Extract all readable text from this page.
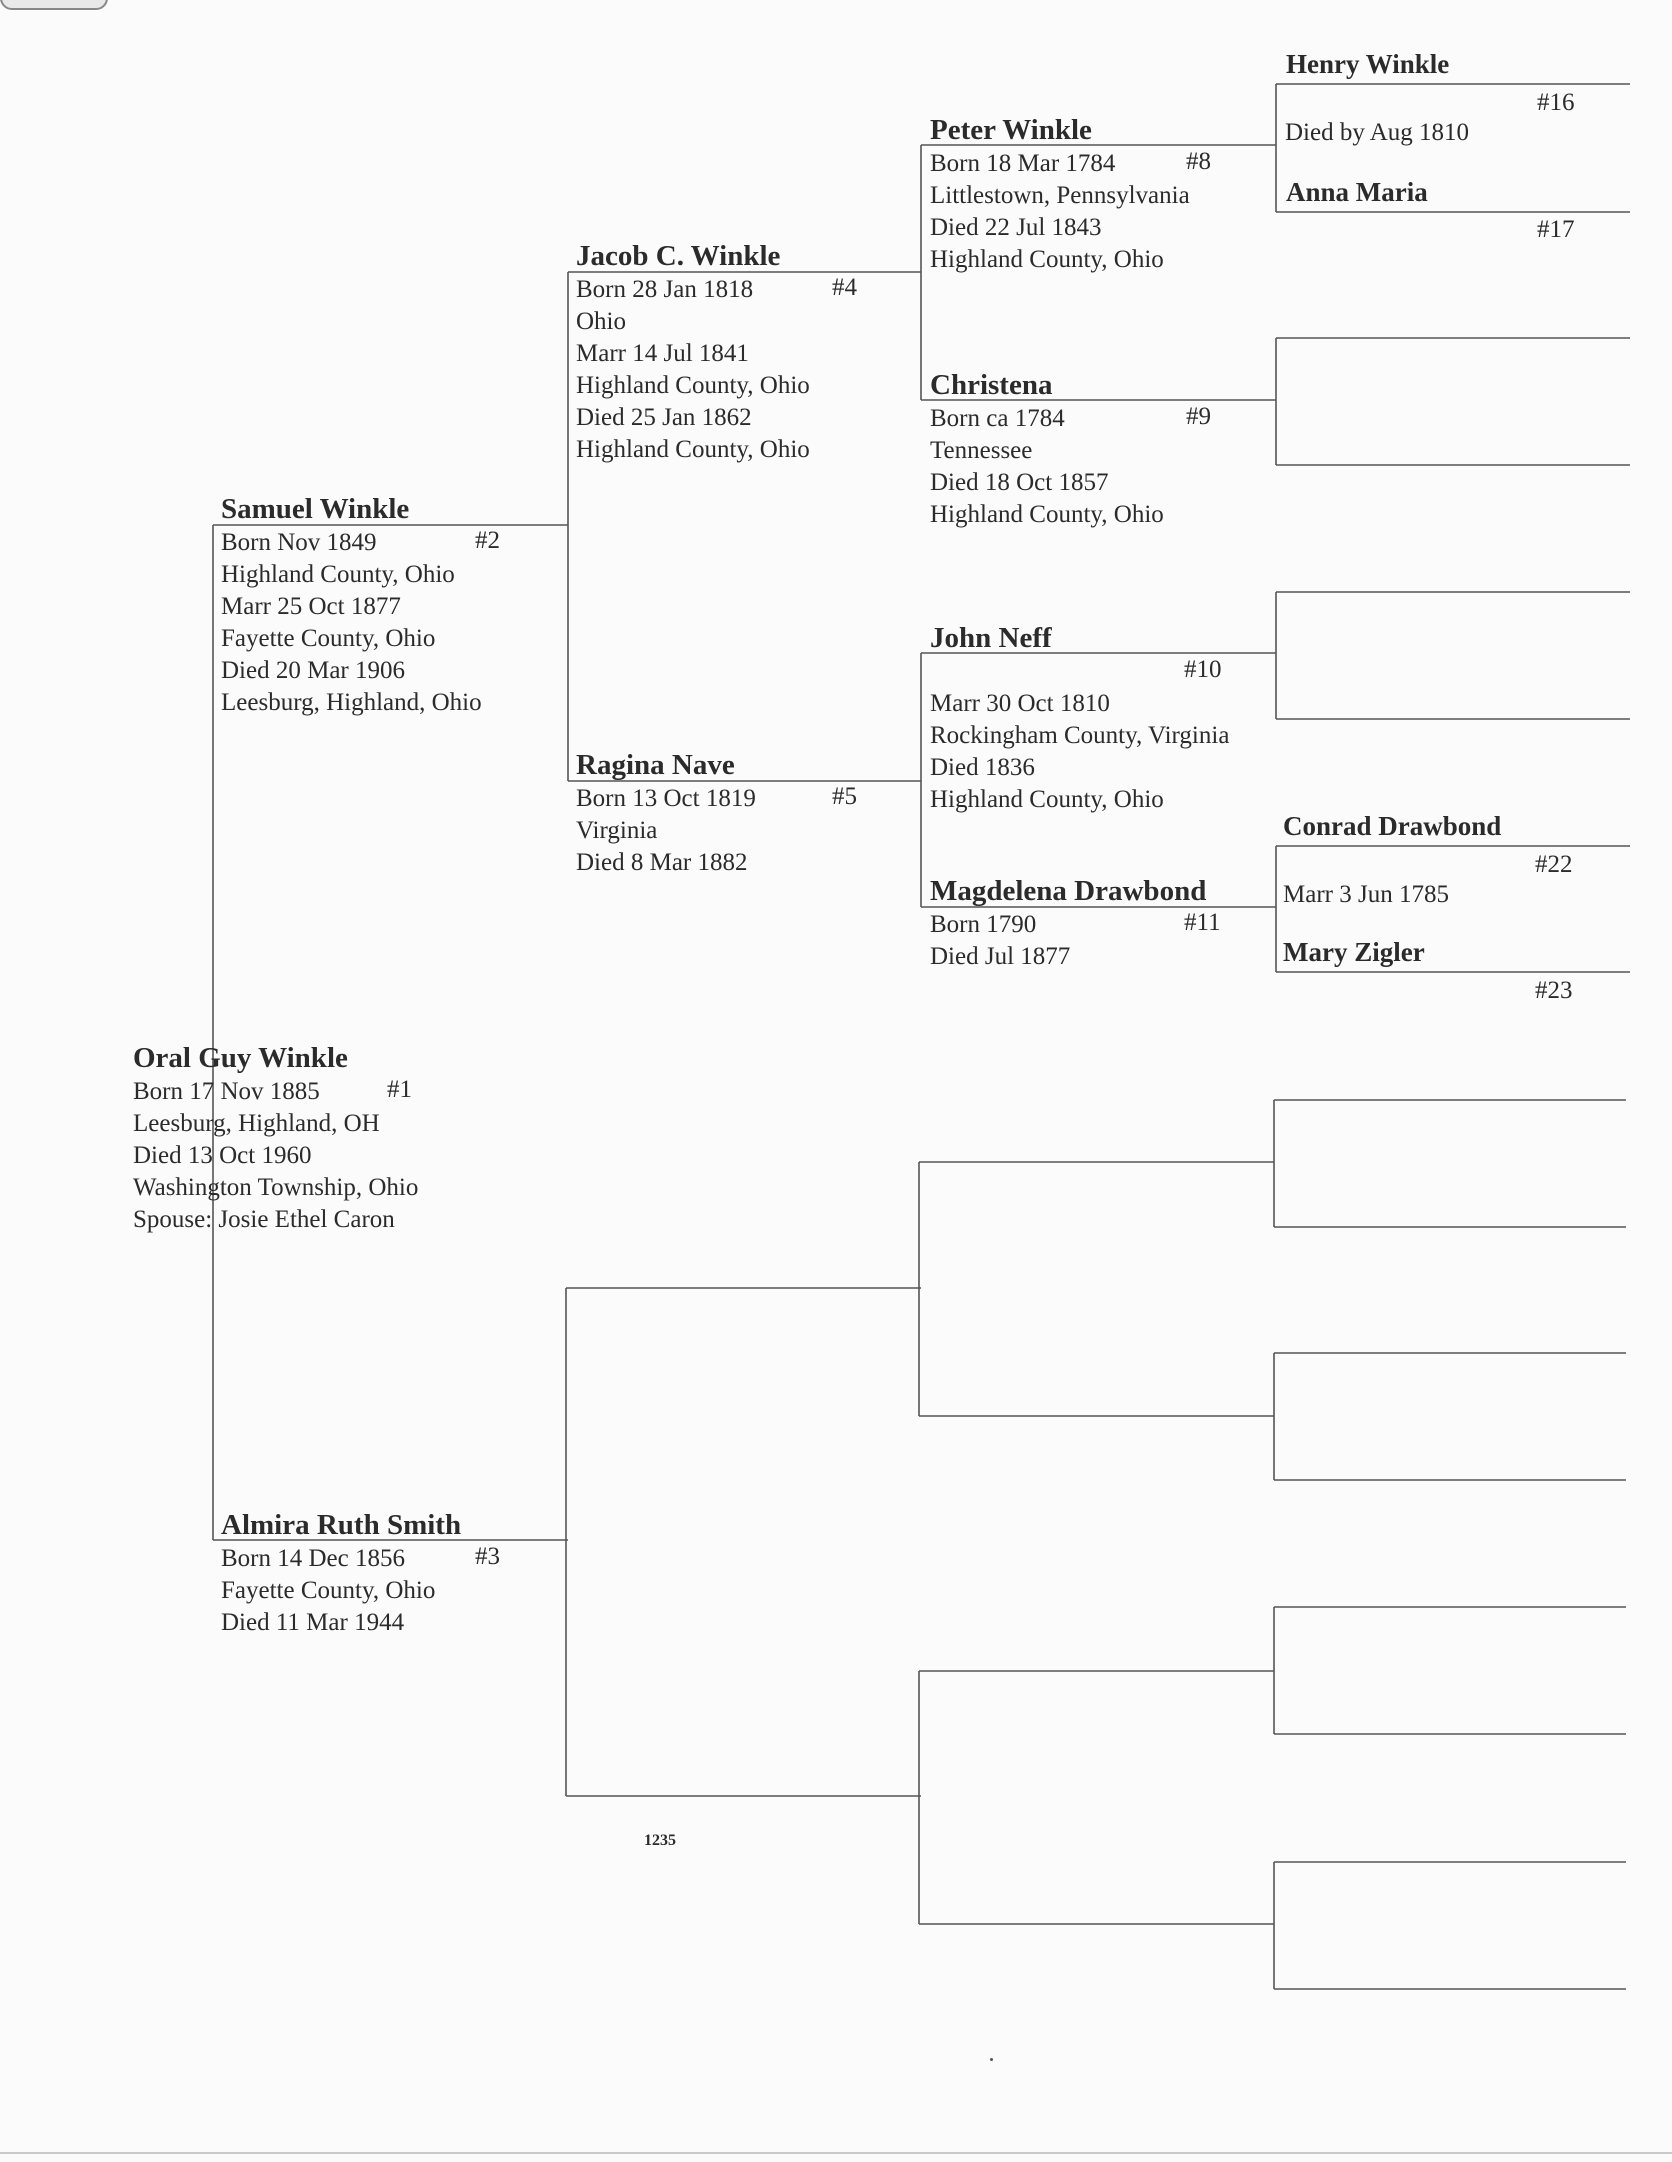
Oral Guy Winkle
Born 17 Nov 1885
Leesburg, Highland, OH
Died 13 Oct 1960
Washington Township, Ohio
Spouse: Josie Ethel Caron
#1
Samuel Winkle
Born Nov 1849
Highland County, Ohio
Marr 25 Oct 1877
Fayette County, Ohio
Died 20 Mar 1906
Leesburg, Highland, Ohio
#2
Almira Ruth Smith
Born 14 Dec 1856
Fayette County, Ohio
Died 11 Mar 1944
#3
Jacob C. Winkle
Born 28 Jan 1818
Ohio
Marr 14 Jul 1841
Highland County, Ohio
Died 25 Jan 1862
Highland County, Ohio
#4
Ragina Nave
Born 13 Oct 1819
Virginia
Died 8 Mar 1882
#5
Peter Winkle
Born 18 Mar 1784
Littlestown, Pennsylvania
Died 22 Jul 1843
Highland County, Ohio
#8
Christena
Born ca 1784
Tennessee
Died 18 Oct 1857
Highland County, Ohio
#9
John Neff
Marr 30 Oct 1810
Rockingham County, Virginia
Died 1836
Highland County, Ohio
#10
Magdelena Drawbond
Born 1790
Died Jul 1877
#11
Henry Winkle
#16
Died by Aug 1810
Anna Maria
#17
Conrad Drawbond
#22
Marr 3 Jun 1785
Mary Zigler
#23
1235
